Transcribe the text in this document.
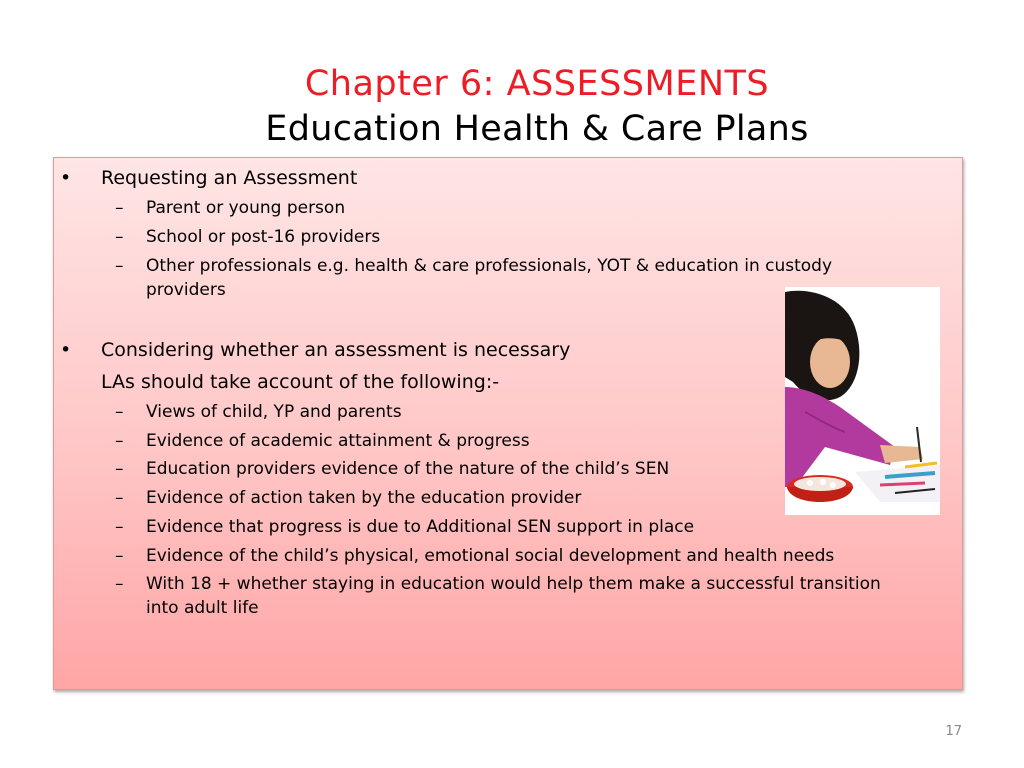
Chapter 6: ASSESSMENTS
Education Health & Care Plans
• Requesting an Assessment
– Parent or young person
– School or post-16 providers
– Other professionals e.g. health & care professionals, YOT & education in custody
providers
• Considering whether an assessment is necessary
LAs should take account of the following:-
– Views of child, YP and parents
– Evidence of academic attainment & progress
– Education providers evidence of the nature of the child’s SEN
– Evidence of action taken by the education provider
– Evidence that progress is due to Additional SEN support in place
– Evidence of the child’s physical, emotional social development and health needs
– With 18 + whether staying in education would help them make a successful transition
into adult life
17
